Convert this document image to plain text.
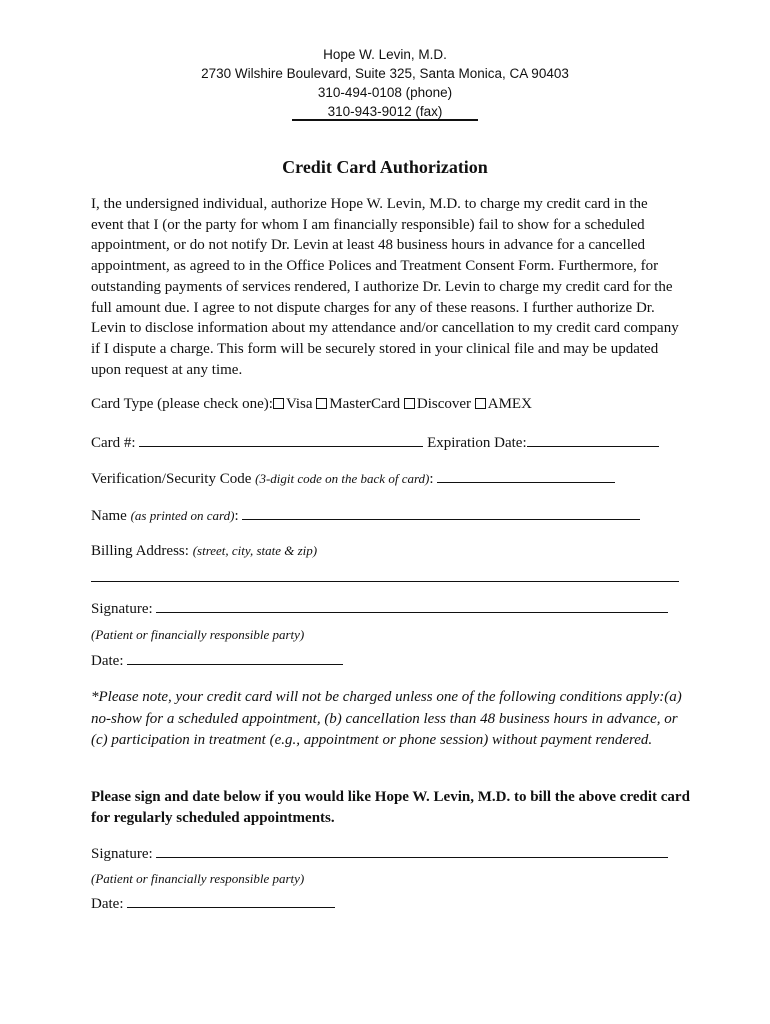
Hope W. Levin, M.D.
2730 Wilshire Boulevard, Suite 325, Santa Monica, CA 90403
310-494-0108 (phone)
310-943-9012 (fax)
Credit Card Authorization
I, the undersigned individual, authorize Hope W. Levin, M.D. to charge my credit card in the event that I (or the party for whom I am financially responsible) fail to show for a scheduled appointment, or do not notify Dr. Levin at least 48 business hours in advance for a cancelled appointment, as agreed to in the Office Polices and Treatment Consent Form. Furthermore, for outstanding payments of services rendered, I authorize Dr. Levin to charge my credit card for the full amount due. I agree to not dispute charges for any of these reasons. I further authorize Dr. Levin to disclose information about my attendance and/or cancellation to my credit card company if I dispute a charge. This form will be securely stored in your clinical file and may be updated upon request at any time.
Card Type (please check one): Visa MasterCard Discover AMEX
Card #:	Expiration Date:
Verification/Security Code (3-digit code on the back of card):
Name (as printed on card):
Billing Address: (street, city, state & zip)
Signature:
(Patient or financially responsible party)
Date:
*Please note, your credit card will not be charged unless one of the following conditions apply:(a) no-show for a scheduled appointment, (b) cancellation less than 48 business hours in advance, or (c) participation in treatment (e.g., appointment or phone session) without payment rendered.
Please sign and date below if you would like Hope W. Levin, M.D. to bill the above credit card for regularly scheduled appointments.
Signature:
(Patient or financially responsible party)
Date:
